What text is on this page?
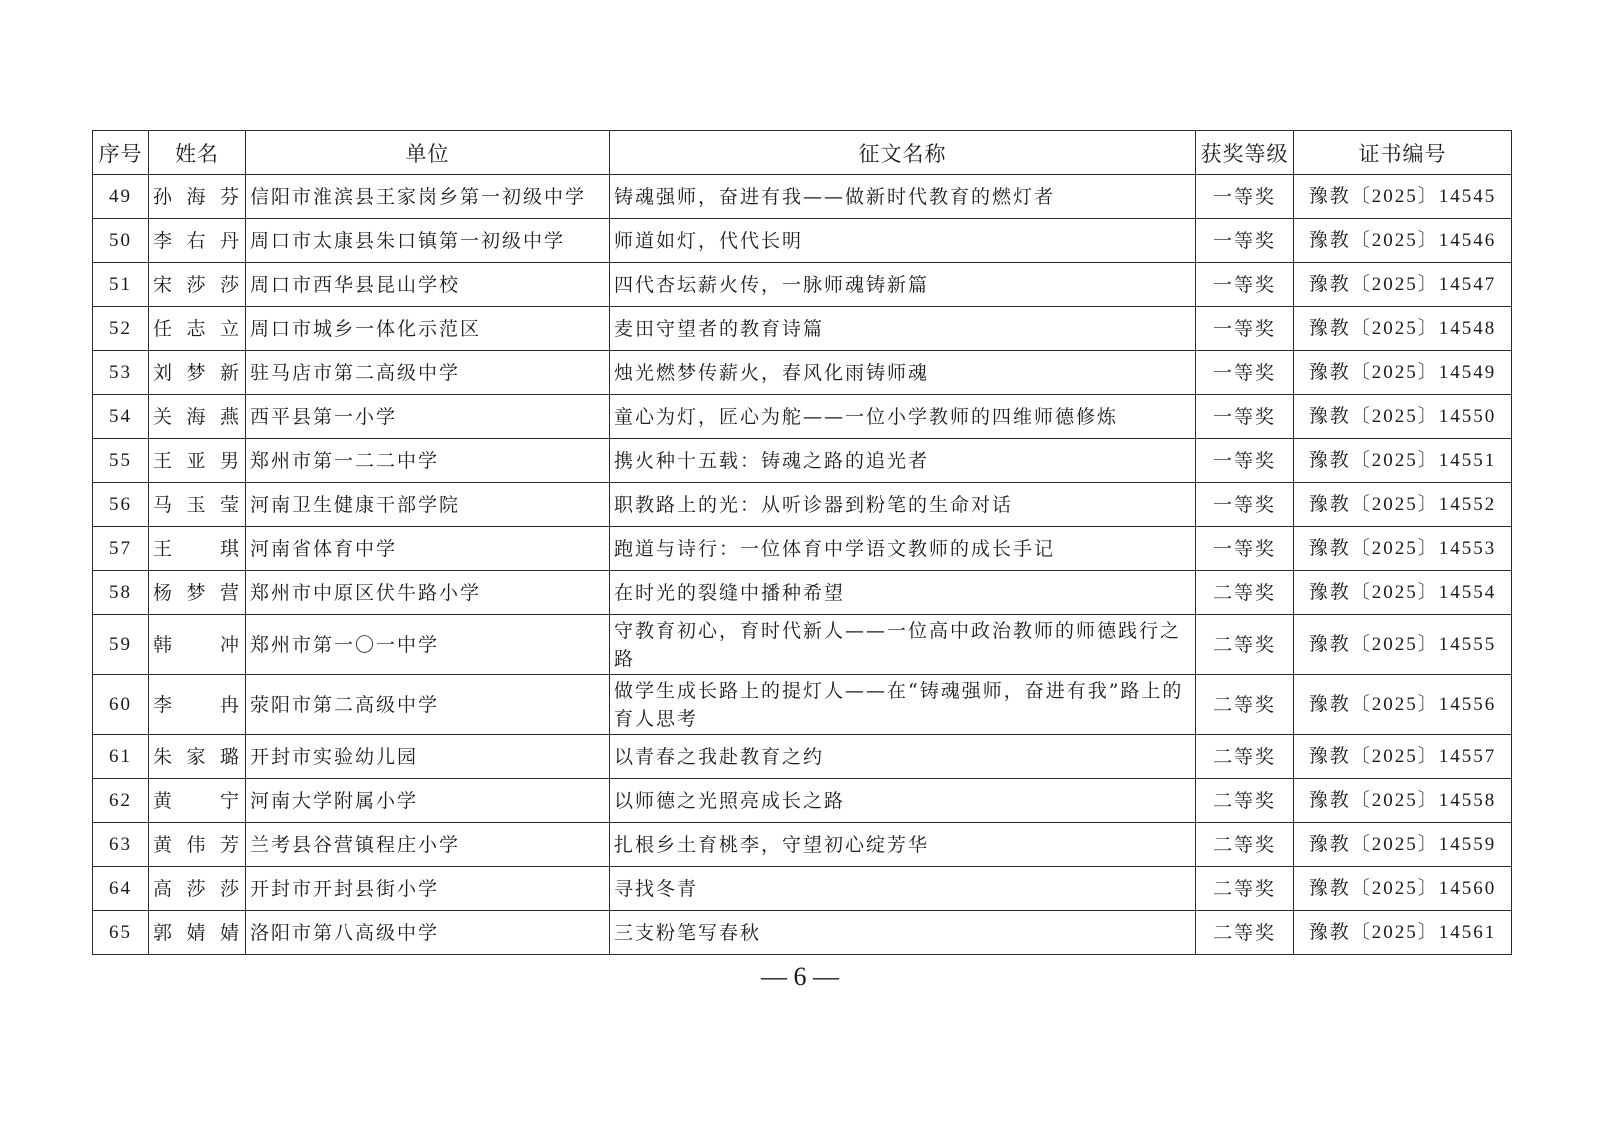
序号	姓名	单位	征文名称	获奖等级	证书编号
49	孙海芬	信阳市淮滨县王家岗乡第一初级中学	铸魂强师，奋进有我——做新时代教育的燃灯者	一等奖	豫教〔2025〕14545
50	李右丹	周口市太康县朱口镇第一初级中学	师道如灯，代代长明	一等奖	豫教〔2025〕14546
51	宋莎莎	周口市西华县昆山学校	四代杏坛薪火传，一脉师魂铸新篇	一等奖	豫教〔2025〕14547
52	任志立	周口市城乡一体化示范区	麦田守望者的教育诗篇	一等奖	豫教〔2025〕14548
53	刘梦新	驻马店市第二高级中学	烛光燃梦传薪火，春风化雨铸师魂	一等奖	豫教〔2025〕14549
54	关海燕	西平县第一小学	童心为灯，匠心为舵——一位小学教师的四维师德修炼	一等奖	豫教〔2025〕14550
55	王亚男	郑州市第一二二中学	携火种十五载：铸魂之路的追光者	一等奖	豫教〔2025〕14551
56	马玉莹	河南卫生健康干部学院	职教路上的光：从听诊器到粉笔的生命对话	一等奖	豫教〔2025〕14552
57	王琪	河南省体育中学	跑道与诗行：一位体育中学语文教师的成长手记	一等奖	豫教〔2025〕14553
58	杨梦营	郑州市中原区伏牛路小学	在时光的裂缝中播种希望	二等奖	豫教〔2025〕14554
59	韩冲	郑州市第一〇一中学	守教育初心，育时代新人——一位高中政治教师的师德践行之路	二等奖	豫教〔2025〕14555
60	李冉	荥阳市第二高级中学	做学生成长路上的提灯人——在“铸魂强师，奋进有我”路上的育人思考	二等奖	豫教〔2025〕14556
61	朱家璐	开封市实验幼儿园	以青春之我赴教育之约	二等奖	豫教〔2025〕14557
62	黄宁	河南大学附属小学	以师德之光照亮成长之路	二等奖	豫教〔2025〕14558
63	黄伟芳	兰考县谷营镇程庄小学	扎根乡土育桃李，守望初心绽芳华	二等奖	豫教〔2025〕14559
64	高莎莎	开封市开封县街小学	寻找冬青	二等奖	豫教〔2025〕14560
65	郭婧婧	洛阳市第八高级中学	三支粉笔写春秋	二等奖	豫教〔2025〕14561
— 6 —
